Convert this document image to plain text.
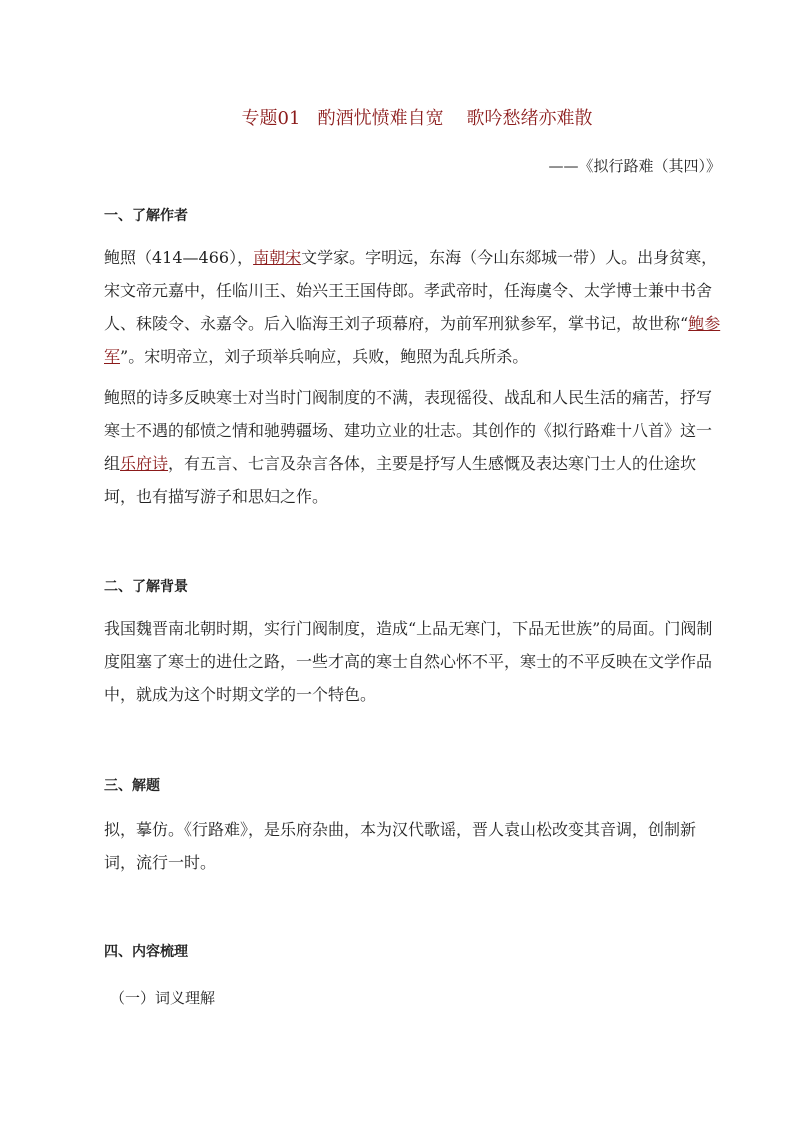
专题01   酌酒忧愤难自宽    歌吟愁绪亦难散
——《拟行路难（其四）》
一、了解作者
鲍照（414—466），南朝宋文学家。字明远，东海（今山东郯城一带）人。出身贫寒，宋文帝元嘉中，任临川王、始兴王王国侍郎。孝武帝时，任海虞令、太学博士兼中书舍人、秣陵令、永嘉令。后入临海王刘子顼幕府，为前军刑狱参军，掌书记，故世称“鲍参军”。宋明帝立，刘子顼举兵响应，兵败，鲍照为乱兵所杀。
鲍照的诗多反映寒士对当时门阀制度的不满，表现徭役、战乱和人民生活的痛苦，抒写寒士不遇的郁愤之情和驰骋疆场、建功立业的壮志。其创作的《拟行路难十八首》这一组乐府诗，有五言、七言及杂言各体，主要是抒写人生感慨及表达寒门士人的仕途坎坷，也有描写游子和思妇之作。
二、了解背景
我国魏晋南北朝时期，实行门阀制度，造成“上品无寒门，下品无世族”的局面。门阀制度阻塞了寒士的进仕之路，一些才高的寒士自然心怀不平，寒士的不平反映在文学作品中，就成为这个时期文学的一个特色。
三、解题
拟，摹仿。《行路难》，是乐府杂曲，本为汉代歌谣，晋人袁山松改变其音调，创制新词，流行一时。
四、内容梳理
（一）词义理解
